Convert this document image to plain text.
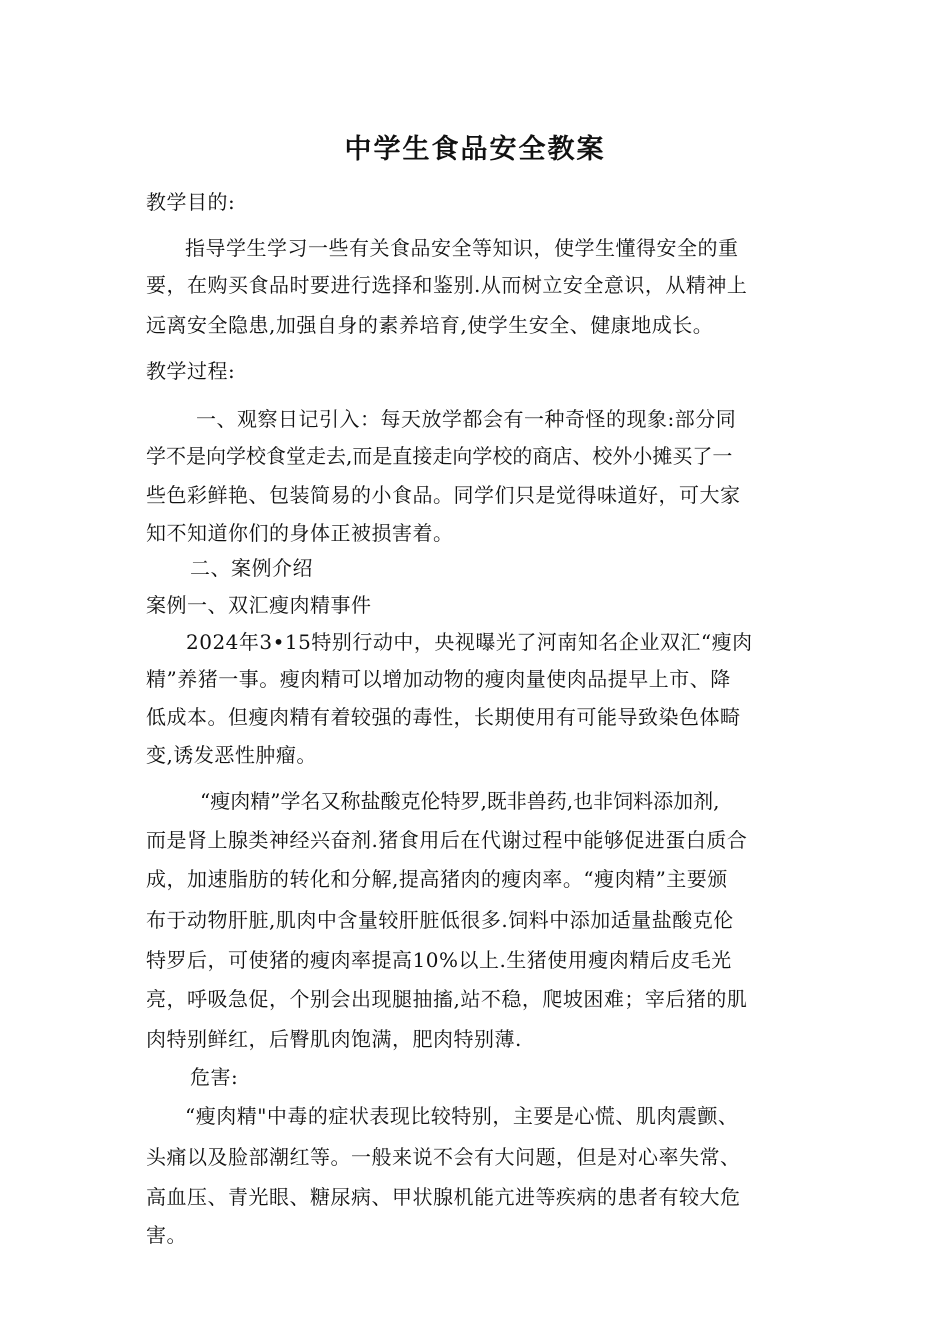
中学生食品安全教案
教学目的:
指导学生学习一些有关食品安全等知识，使学生懂得安全的重
要，在购买食品时要进行选择和鉴别.从而树立安全意识，从精神上
远离安全隐患,加强自身的素养培育,使学生安全、健康地成长。
教学过程:
一、观察日记引入：每天放学都会有一种奇怪的现象:部分同
学不是向学校食堂走去,而是直接走向学校的商店、校外小摊买了一
些色彩鲜艳、包装简易的小食品。同学们只是觉得味道好，可大家
知不知道你们的身体正被损害着。
二、案例介绍
案例一、双汇瘦肉精事件
2024年3•15特别行动中，央视曝光了河南知名企业双汇“瘦肉
精”养猪一事。瘦肉精可以增加动物的瘦肉量使肉品提早上市、降
低成本。但瘦肉精有着较强的毒性，长期使用有可能导致染色体畸
变,诱发恶性肿瘤。
“瘦肉精”学名又称盐酸克伦特罗,既非兽药,也非饲料添加剂,
而是肾上腺类神经兴奋剂.猪食用后在代谢过程中能够促进蛋白质合
成，加速脂肪的转化和分解,提高猪肉的瘦肉率。“瘦肉精”主要颁
布于动物肝脏,肌肉中含量较肝脏低很多.饲料中添加适量盐酸克伦
特罗后，可使猪的瘦肉率提高10%以上.生猪使用瘦肉精后皮毛光
亮，呼吸急促，个别会出现腿抽搐,站不稳，爬坡困难；宰后猪的肌
肉特别鲜红，后臀肌肉饱满，肥肉特别薄.
危害:
“瘦肉精"中毒的症状表现比较特别，主要是心慌、肌肉震颤、
头痛以及脸部潮红等。一般来说不会有大问题，但是对心率失常、
高血压、青光眼、糖尿病、甲状腺机能亢进等疾病的患者有较大危
害。
